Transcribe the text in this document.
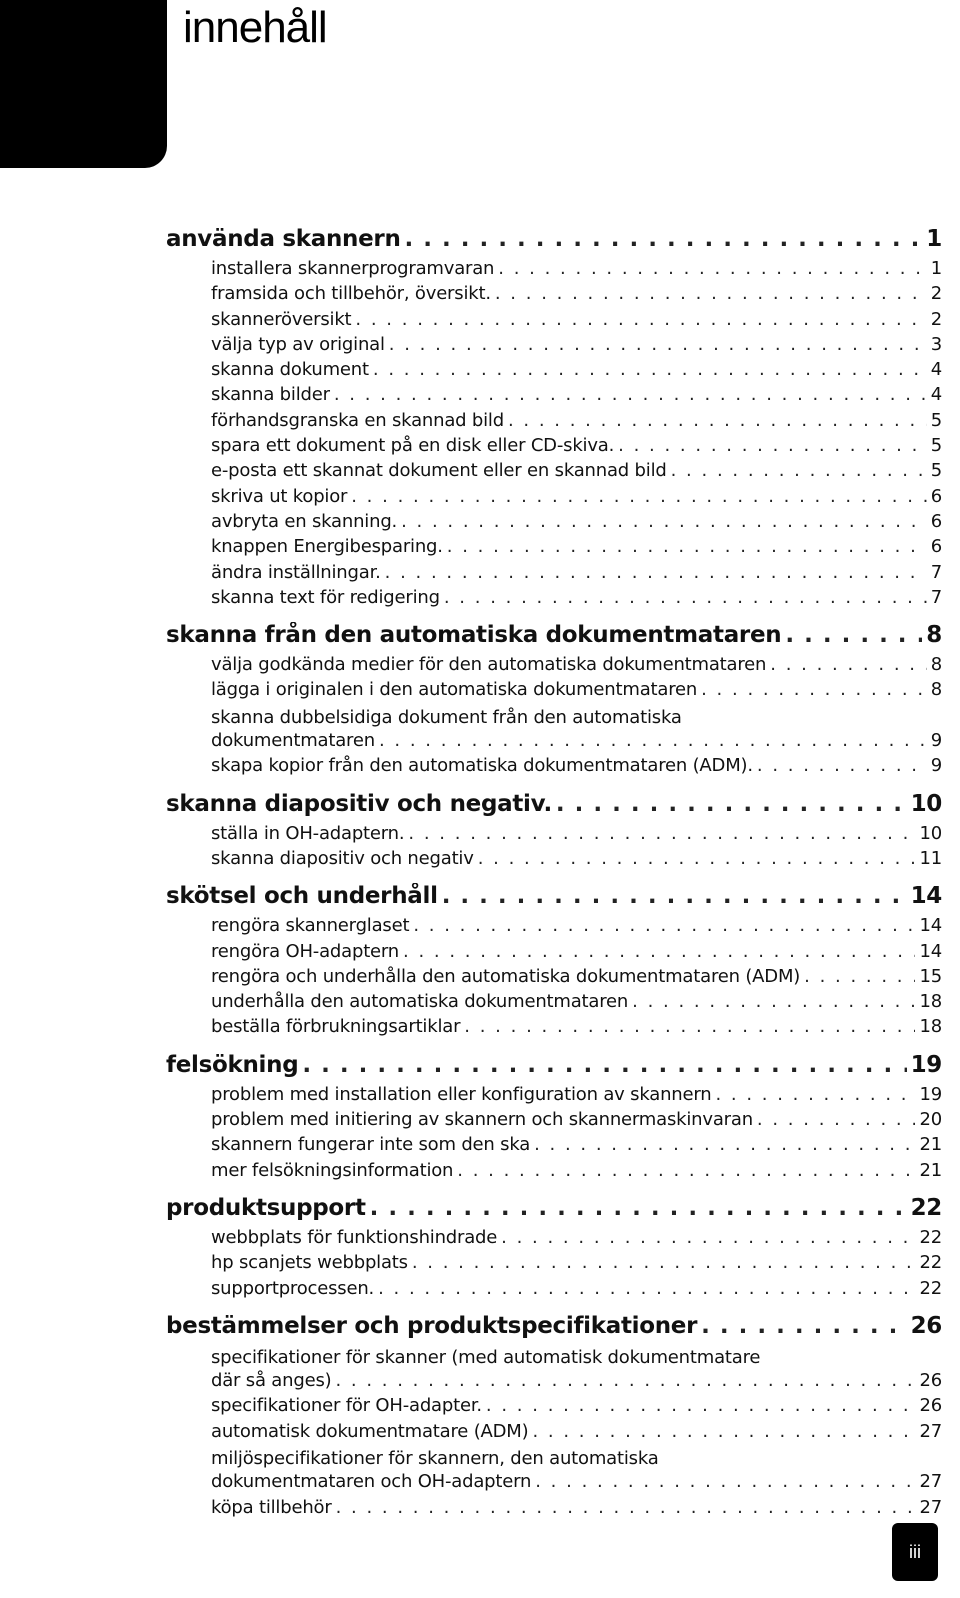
innehåll
använda skannern . . .	1
installera skannerprogramvaran . . .	1
framsida och tillbehör, översikt. . . .	2
skanneröversikt . . .	2
välja typ av original . . .	3
skanna dokument . . .	4
skanna bilder . . .	4
förhandsgranska en skannad bild . . .	5
spara ett dokument på en disk eller CD-skiva. . . .	5
e-posta ett skannat dokument eller en skannad bild . . .	5
skriva ut kopior . . .	6
avbryta en skanning. . . .	6
knappen Energibesparing. . . .	6
ändra inställningar. . . .	7
skanna text för redigering . . .	7
skanna från den automatiska dokumentmataren . . .	8
välja godkända medier för den automatiska dokumentmataren . . .	8
lägga i originalen i den automatiska dokumentmataren . . .	8
skanna dubbelsidiga dokument från den automatiska
dokumentmataren . . .	9
skapa kopior från den automatiska dokumentmataren (ADM). . . .	9
skanna diapositiv och negativ. . . .	10
ställa in OH-adaptern. . . .	10
skanna diapositiv och negativ . . .	11
skötsel och underhåll . . .	14
rengöra skannerglaset . . .	14
rengöra OH-adaptern . . .	14
rengöra och underhålla den automatiska dokumentmataren (ADM) . . .	15
underhålla den automatiska dokumentmataren . . .	18
beställa förbrukningsartiklar . . .	18
felsökning . . .	19
problem med installation eller konfiguration av skannern . . .	19
problem med initiering av skannern och skannermaskinvaran . . .	20
skannern fungerar inte som den ska . . .	21
mer felsökningsinformation . . .	21
produktsupport . . .	22
webbplats för funktionshindrade . . .	22
hp scanjets webbplats . . .	22
supportprocessen. . . .	22
bestämmelser och produktspecifikationer . . .	26
specifikationer för skanner (med automatisk dokumentmatare
där så anges) . . .	26
specifikationer för OH-adapter. . . .	26
automatisk dokumentmatare (ADM) . . .	27
miljöspecifikationer för skannern, den automatiska
dokumentmataren och OH-adaptern . . .	27
köpa tillbehör . . .	27
iii
